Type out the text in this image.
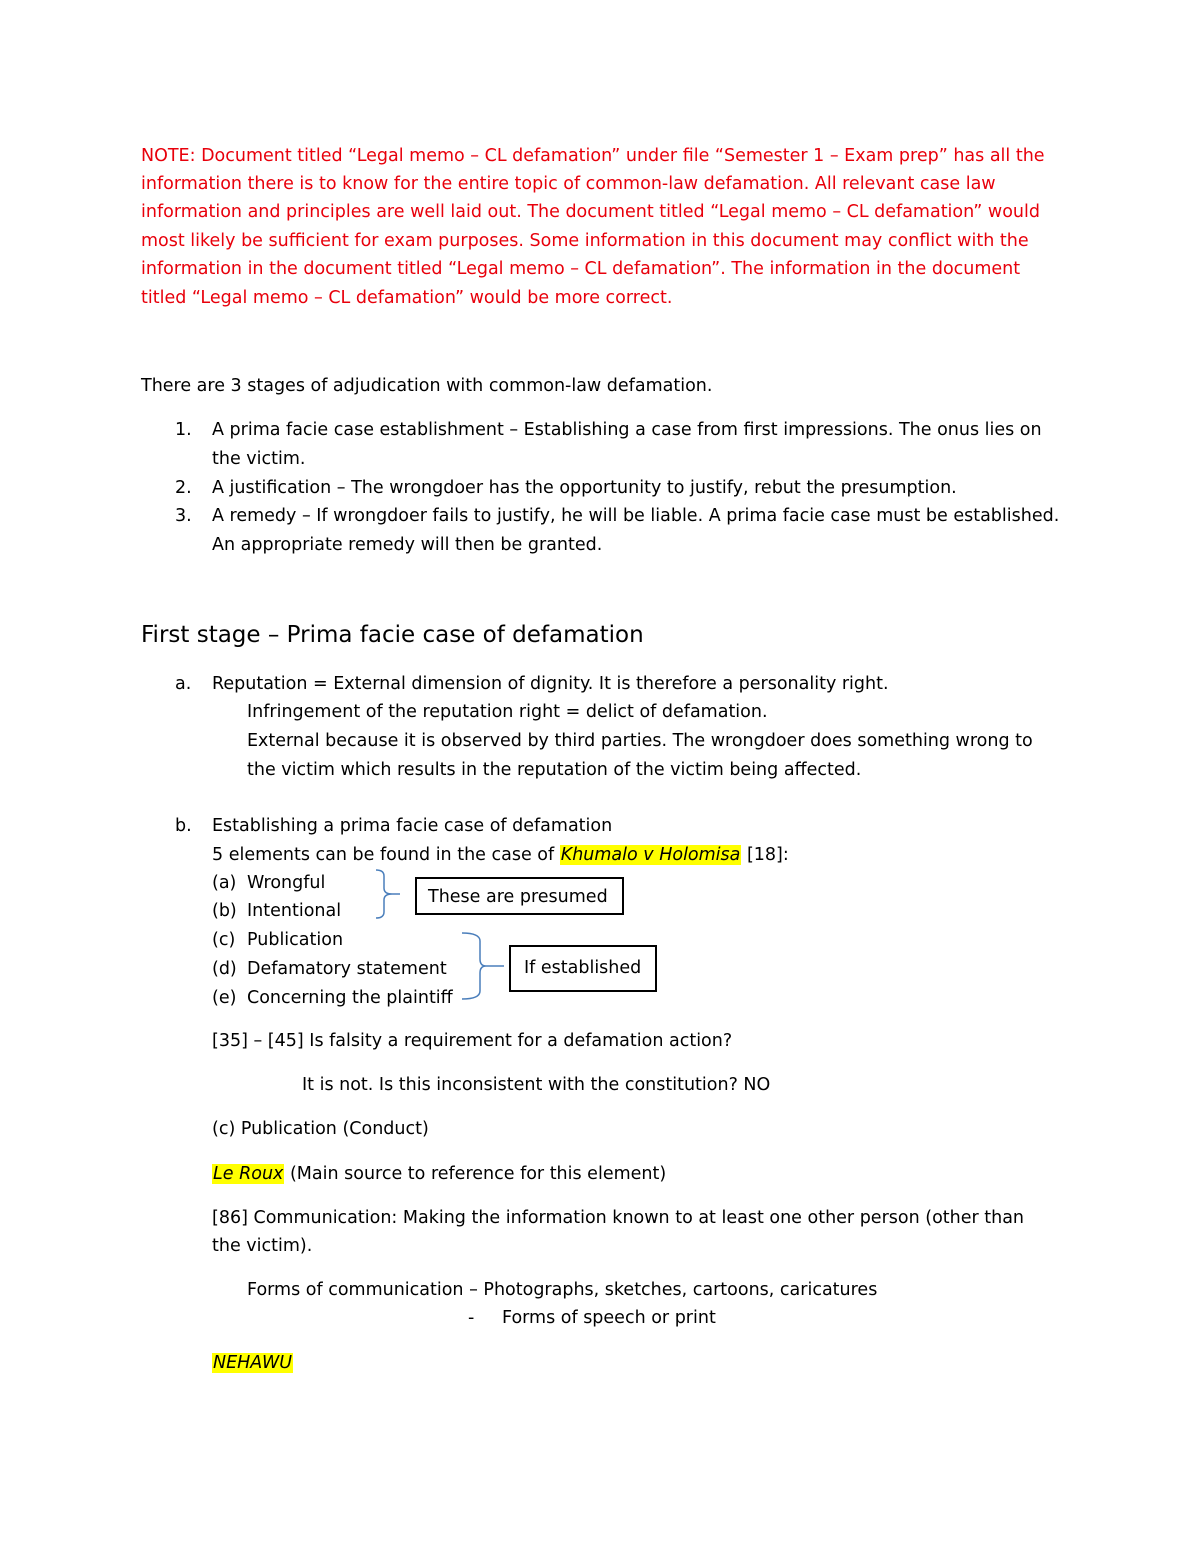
NOTE: Document titled “Legal memo – CL defamation” under file “Semester 1 – Exam prep” has all the
information there is to know for the entire topic of common-law defamation. All relevant case law
information and principles are well laid out. The document titled “Legal memo – CL defamation” would
most likely be sufficient for exam purposes. Some information in this document may conflict with the
information in the document titled “Legal memo – CL defamation”. The information in the document
titled “Legal memo – CL defamation” would be more correct.
There are 3 stages of adjudication with common-law defamation.
1. A prima facie case establishment – Establishing a case from first impressions. The onus lies on
the victim.
2. A justification – The wrongdoer has the opportunity to justify, rebut the presumption.
3. A remedy – If wrongdoer fails to justify, he will be liable. A prima facie case must be established.
An appropriate remedy will then be granted.
First stage – Prima facie case of defamation
a. Reputation = External dimension of dignity. It is therefore a personality right.
Infringement of the reputation right = delict of defamation.
External because it is observed by third parties. The wrongdoer does something wrong to
the victim which results in the reputation of the victim being affected.
b. Establishing a prima facie case of defamation
5 elements can be found in the case of Khumalo v Holomisa [18]:
(a) Wrongful
(b) Intentional
(c) Publication
(d) Defamatory statement
(e) Concerning the plaintiff
These are presumed
If established
[35] – [45] Is falsity a requirement for a defamation action?
It is not. Is this inconsistent with the constitution? NO
(c) Publication (Conduct)
Le Roux (Main source to reference for this element)
[86] Communication: Making the information known to at least one other person (other than
the victim).
Forms of communication – Photographs, sketches, cartoons, caricatures
- Forms of speech or print
NEHAWU
